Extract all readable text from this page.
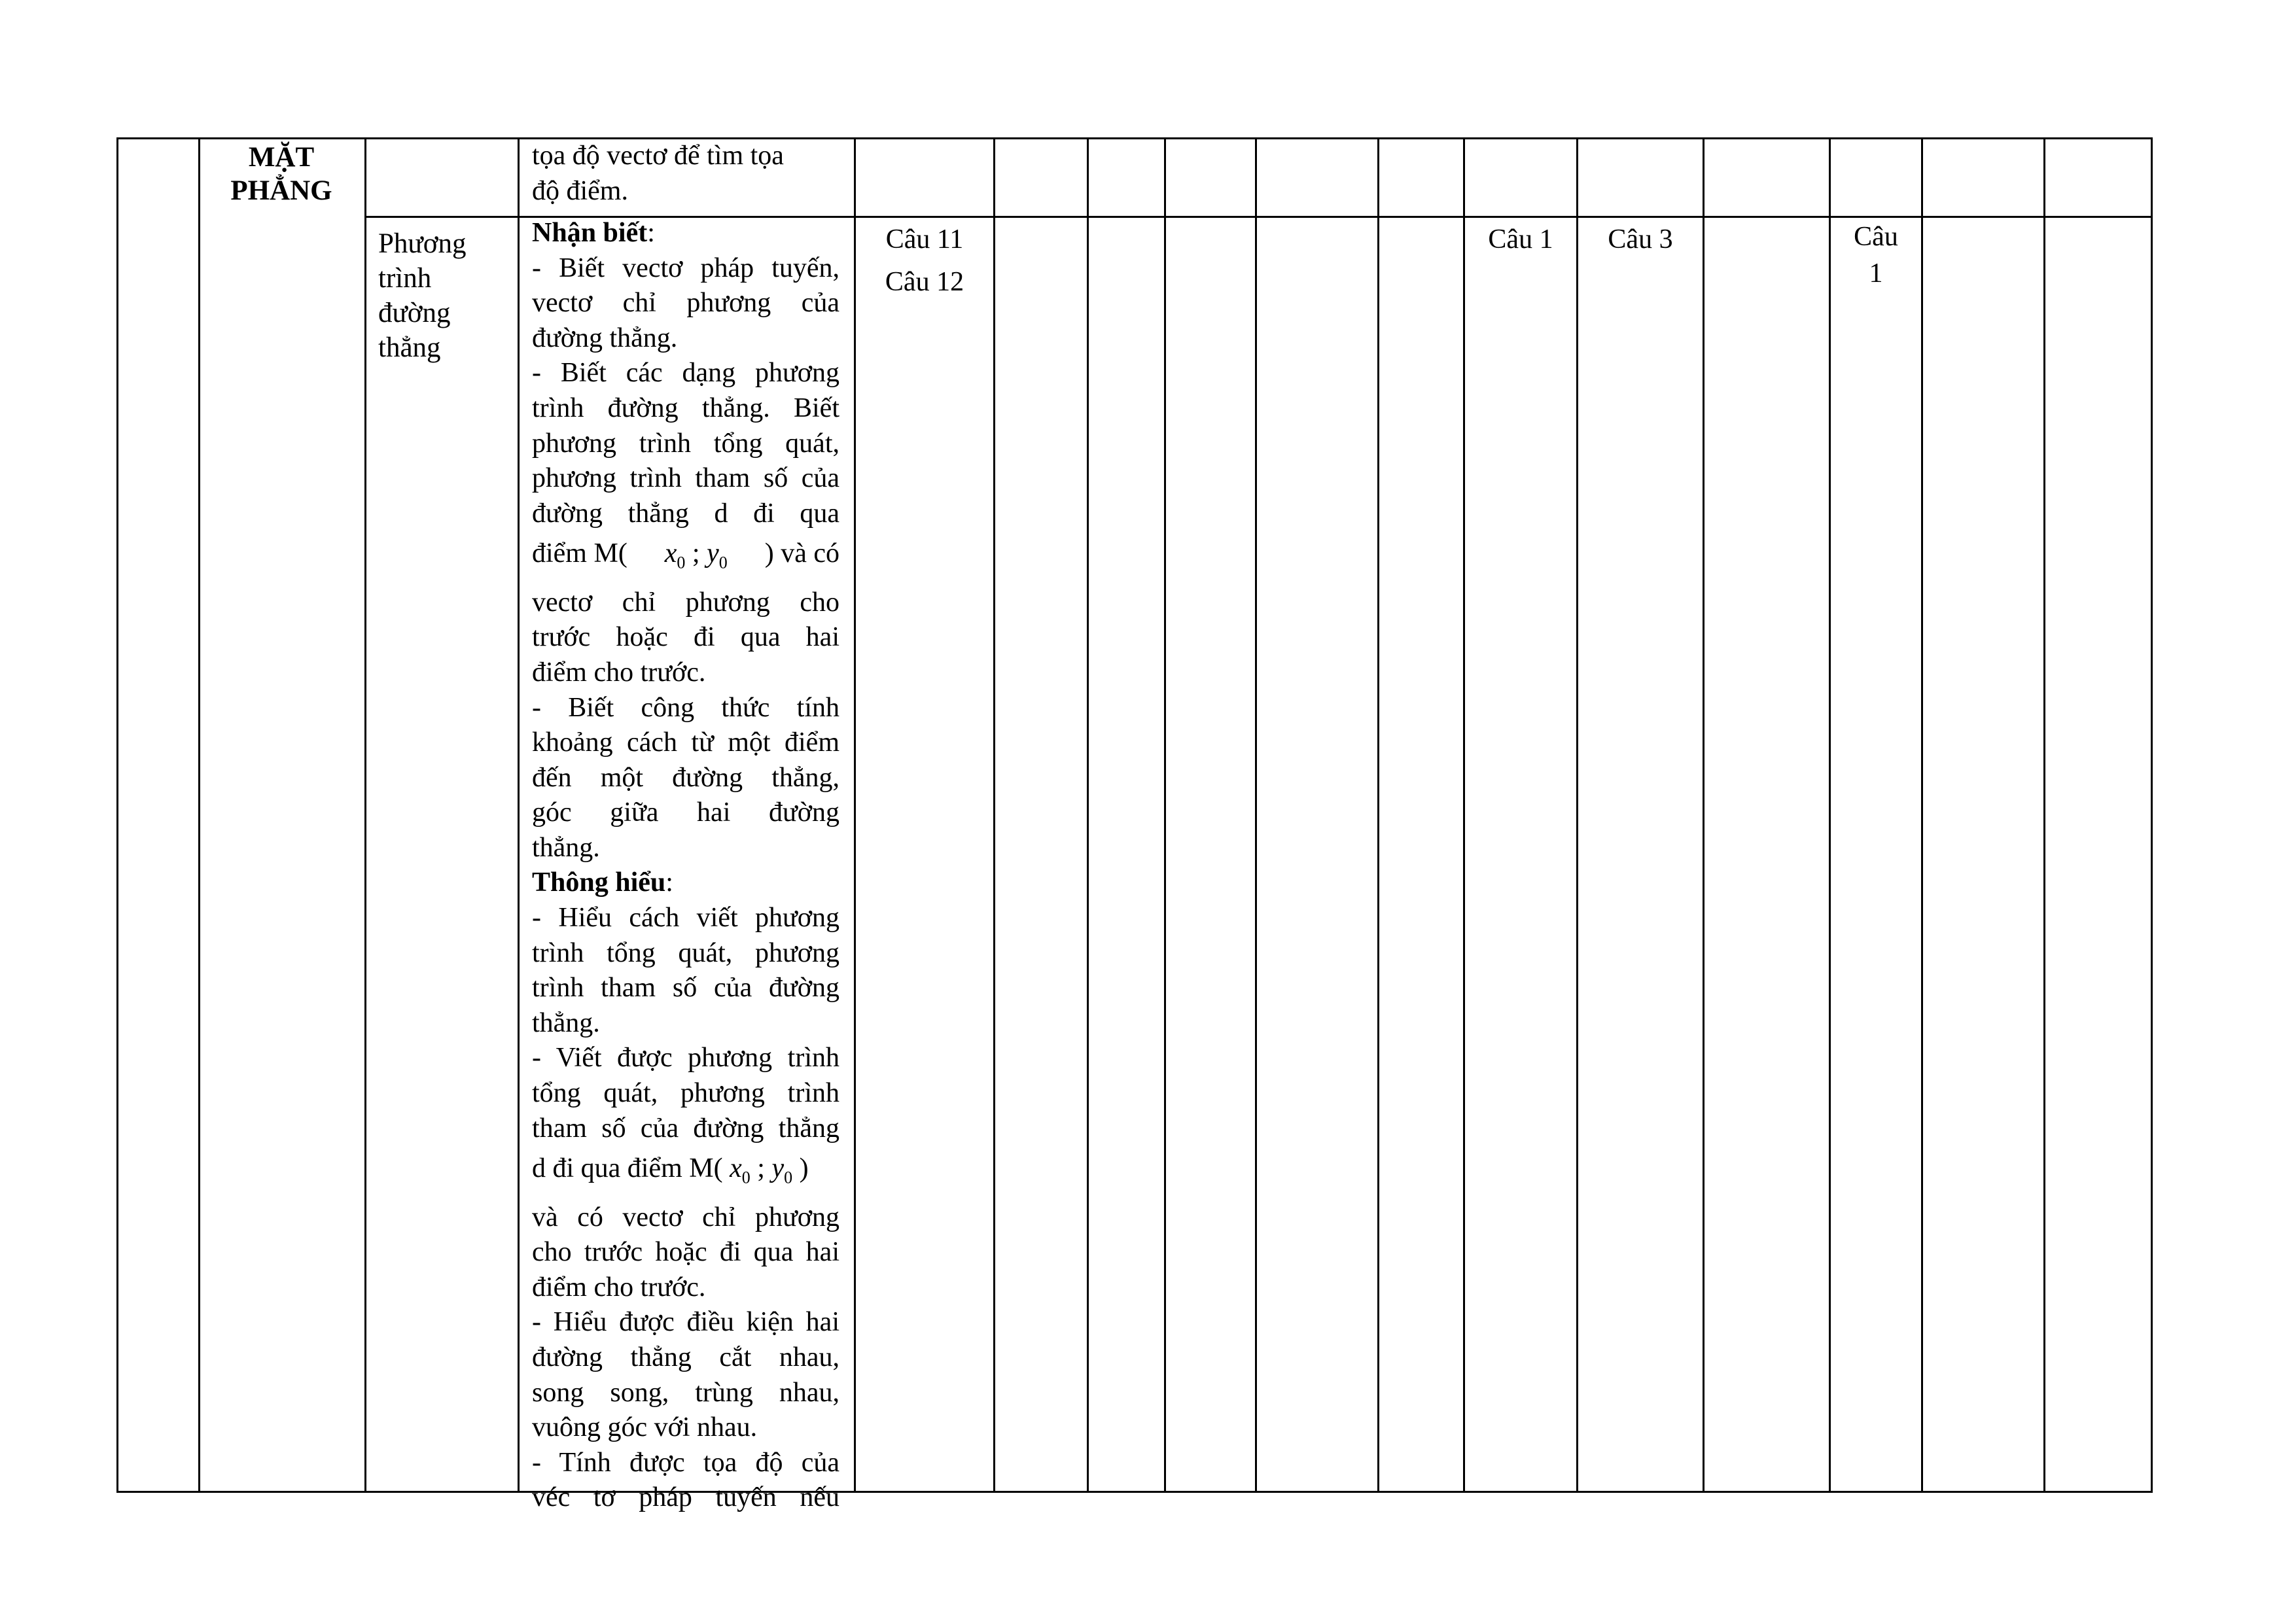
MẶT PHẲNG
tọa độ vectơ để tìm tọa
độ điểm.
Phương
trình
đường
thẳng
Nhận biết:

- Biết vectơ pháp tuyến,

vectơ chỉ phương của

đường thẳng.

- Biết các dạng phương

trình đường thẳng. Biết

phương trình tổng quát,

phương trình tham số của

đường thẳng d đi qua

điểm M( $x_0$ ; $y_0$ ) và có

vectơ chỉ phương cho

trước hoặc đi qua hai

điểm cho trước.

- Biết công thức tính

khoảng cách từ một điểm

đến một đường thẳng,

góc giữa hai đường

thẳng.

Thông hiểu:

- Hiểu cách viết phương

trình tổng quát, phương

trình tham số của đường

thẳng.

- Viết được phương trình

tổng quát, phương trình

tham số của đường thẳng

d đi qua điểm M( $x_0$ ; $y_0$ )

và có vectơ chỉ phương

cho trước hoặc đi qua hai

điểm cho trước.

- Hiểu được điều kiện hai

đường thẳng cắt nhau,

song song, trùng nhau,

vuông góc với nhau.

- Tính được tọa độ của

véc tơ pháp tuyến nếu

Câu 11
Câu 12
Câu 1	Câu 3	Câu
1
